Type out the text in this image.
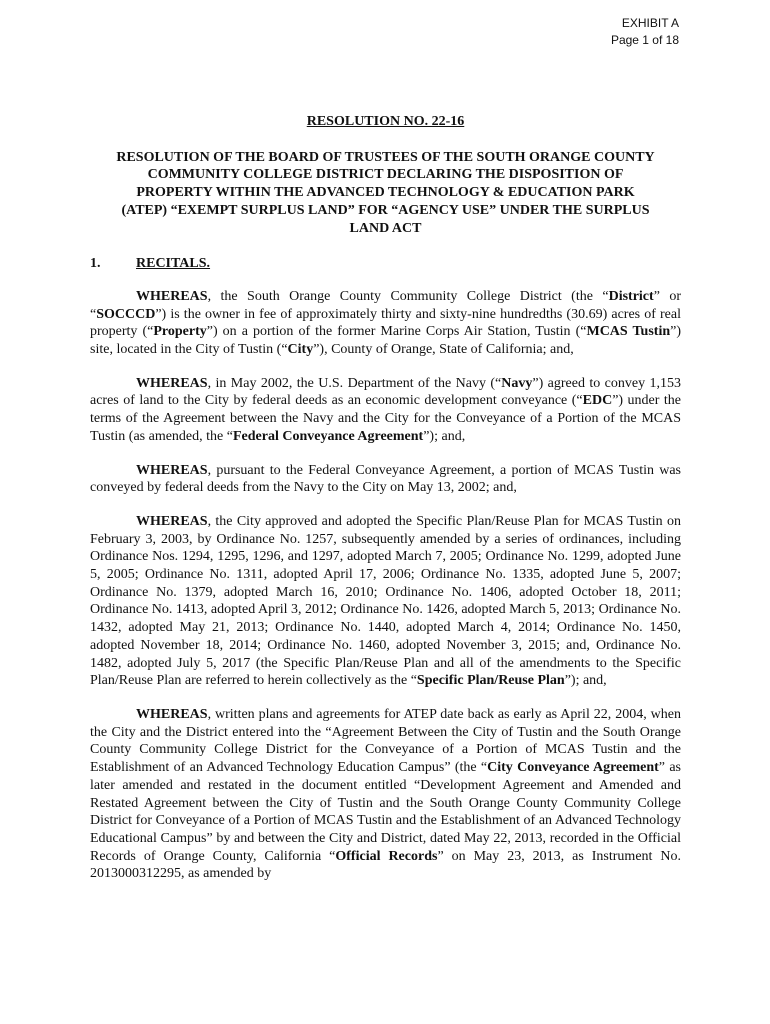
EXHIBIT A
Page 1 of 18
RESOLUTION NO. 22-16
RESOLUTION OF THE BOARD OF TRUSTEES OF THE SOUTH ORANGE COUNTY COMMUNITY COLLEGE DISTRICT DECLARING THE DISPOSITION OF PROPERTY WITHIN THE ADVANCED TECHNOLOGY & EDUCATION PARK (ATEP) “EXEMPT SURPLUS LAND” FOR “AGENCY USE” UNDER THE SURPLUS LAND ACT
1.	RECITALS.

WHEREAS, the South Orange County Community College District (the “District” or “SOCCCD”) is the owner in fee of approximately thirty and sixty-nine hundredths (30.69) acres of real property (“Property”) on a portion of the former Marine Corps Air Station, Tustin (“MCAS Tustin”) site, located in the City of Tustin (“City”), County of Orange, State of California; and,

WHEREAS, in May 2002, the U.S. Department of the Navy (“Navy”) agreed to convey 1,153 acres of land to the City by federal deeds as an economic development conveyance (“EDC”) under the terms of the Agreement between the Navy and the City for the Conveyance of a Portion of the MCAS Tustin (as amended, the “Federal Conveyance Agreement”); and,

WHEREAS, pursuant to the Federal Conveyance Agreement, a portion of MCAS Tustin was conveyed by federal deeds from the Navy to the City on May 13, 2002; and,

WHEREAS, the City approved and adopted the Specific Plan/Reuse Plan for MCAS Tustin on February 3, 2003, by Ordinance No. 1257, subsequently amended by a series of ordinances, including Ordinance Nos. 1294, 1295, 1296, and 1297, adopted March 7, 2005; Ordinance No. 1299, adopted June 5, 2005; Ordinance No. 1311, adopted April 17, 2006; Ordinance No. 1335, adopted June 5, 2007; Ordinance No. 1379, adopted March 16, 2010; Ordinance No. 1406, adopted October 18, 2011; Ordinance No. 1413, adopted April 3, 2012; Ordinance No. 1426, adopted March 5, 2013; Ordinance No. 1432, adopted May 21, 2013; Ordinance No. 1440, adopted March 4, 2014; Ordinance No. 1450, adopted November 18, 2014; Ordinance No. 1460, adopted November 3, 2015; and, Ordinance No. 1482, adopted July 5, 2017 (the Specific Plan/Reuse Plan and all of the amendments to the Specific Plan/Reuse Plan are referred to herein collectively as the “Specific Plan/Reuse Plan”); and,

WHEREAS, written plans and agreements for ATEP date back as early as April 22, 2004, when the City and the District entered into the “Agreement Between the City of Tustin and the South Orange County Community College District for the Conveyance of a Portion of MCAS Tustin and the Establishment of an Advanced Technology Education Campus” (the “City Conveyance Agreement” as later amended and restated in the document entitled “Development Agreement and Amended and Restated Agreement between the City of Tustin and the South Orange County Community College District for Conveyance of a Portion of MCAS Tustin and the Establishment of an Advanced Technology Educational Campus” by and between the City and District, dated May 22, 2013, recorded in the Official Records of Orange County, California “Official Records” on May 23, 2013, as Instrument No. 2013000312295, as amended by
